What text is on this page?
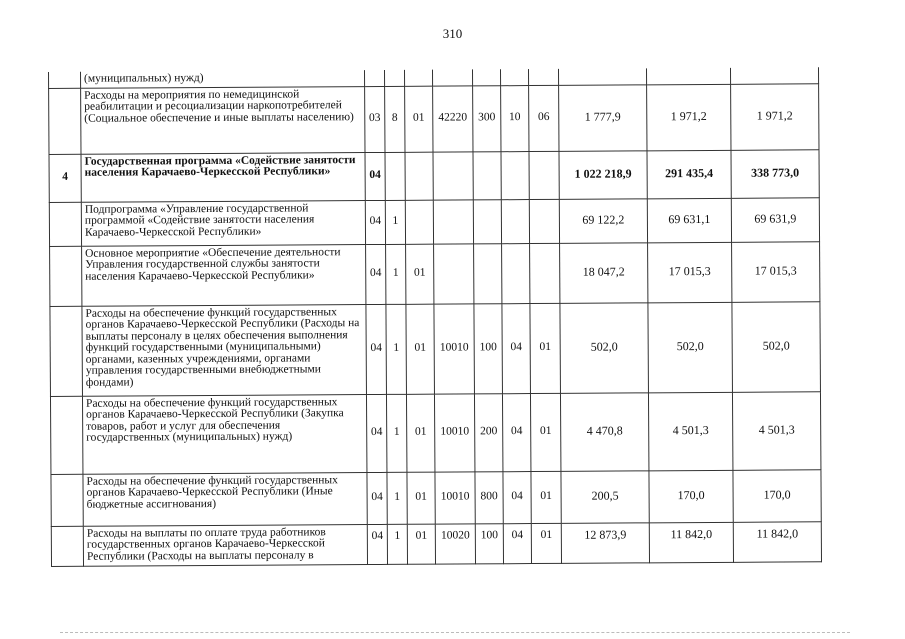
310
	(муниципальных) нужд)										
	Расходы на мероприятия по немедицинской реабилитации и ресоциализации наркопотребителей (Социальное обеспечение и иные выплаты населению)	03	8	01	42220	300	10	06	1 777,9	1 971,2	1 971,2
4	Государственная программа «Содействие занятости населения Карачаево-Черкесской Республики»	04							1 022 218,9	291 435,4	338 773,0
	Подпрограмма «Управление государственной программой «Содействие занятости населения Карачаево-Черкесской Республики»	04	1						69 122,2	69 631,1	69 631,9
	Основное мероприятие «Обеспечение деятельности Управления государственной службы занятости населения Карачаево-Черкесской Республики»	04	1	01					18 047,2	17 015,3	17 015,3
	Расходы на обеспечение функций государственных органов Карачаево-Черкесской Республики (Расходы на выплаты персоналу в целях обеспечения выполнения функций государственными (муниципальными) органами, казенных учреждениями, органами управления государственными внебюджетными фондами)	04	1	01	10010	100	04	01	502,0	502,0	502,0
	Расходы на обеспечение функций государственных органов Карачаево-Черкесской Республики (Закупка товаров, работ и услуг для обеспечения государственных (муниципальных) нужд)	04	1	01	10010	200	04	01	4 470,8	4 501,3	4 501,3
	Расходы на обеспечение функций государственных органов Карачаево-Черкесской Республики (Иные бюджетные ассигнования)	04	1	01	10010	800	04	01	200,5	170,0	170,0
	Расходы на выплаты по оплате труда работников государственных органов Карачаево-Черкесской Республики (Расходы на выплаты персоналу в	04	1	01	10020	100	04	01	12 873,9	11 842,0	11 842,0
